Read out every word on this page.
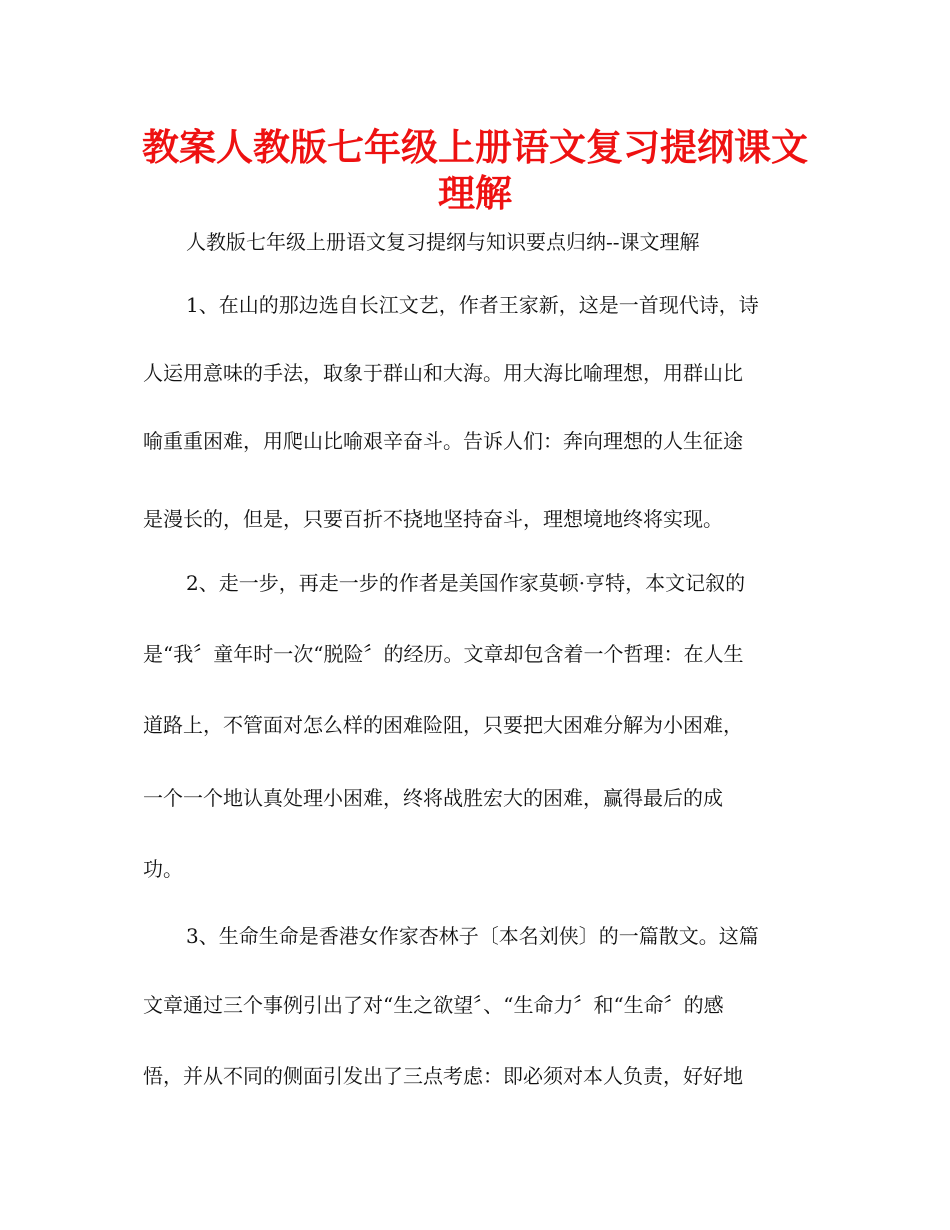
教案人教版七年级上册语文复习提纲课文
理解
人教版七年级上册语文复习提纲与知识要点归纳--课文理解
1、在山的那边选自长江文艺，作者王家新，这是一首现代诗，诗
人运用意味的手法，取象于群山和大海。用大海比喻理想，用群山比
喻重重困难，用爬山比喻艰辛奋斗。告诉人们：奔向理想的人生征途
是漫长的，但是，只要百折不挠地坚持奋斗，理想境地终将实现。
2、走一步，再走一步的作者是美国作家莫顿·亨特，本文记叙的
是“我〞童年时一次“脱险〞的经历。文章却包含着一个哲理：在人生
道路上，不管面对怎么样的困难险阻，只要把大困难分解为小困难，
一个一个地认真处理小困难，终将战胜宏大的困难，赢得最后的成
功。
3、生命生命是香港女作家杏林子〔本名刘侠〕的一篇散文。这篇
文章通过三个事例引出了对“生之欲望〞、“生命力〞和“生命〞的感
悟，并从不同的侧面引发出了三点考虑：即必须对本人负责，好好地
